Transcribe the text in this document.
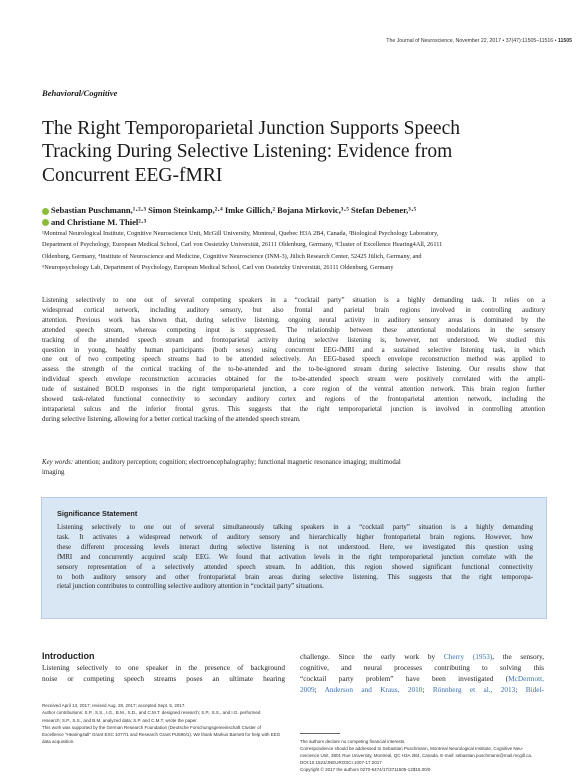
The Journal of Neuroscience, November 22, 2017 • 37(47):11505–11516 • 11505
Behavioral/Cognitive
The Right Temporoparietal Junction Supports Speech
Tracking During Selective Listening: Evidence from
Concurrent EEG-fMRI
Sebastian Puschmann,¹·²·³ Simon Steinkamp,²·⁴ Imke Gillich,² Bojana Mirkovic,³·⁵ Stefan Debener,³·⁵
and Christiane M. Thiel²·³
¹Montreal Neurological Institute, Cognitive Neuroscience Unit, McGill University, Montreal, Quebec H3A 2B4, Canada, ²Biological Psychology Laboratory,
Department of Psychology, European Medical School, Carl von Ossietzky Universität, 26111 Oldenburg, Germany, ³Cluster of Excellence Hearing4All, 26111
Oldenburg, Germany, ⁴Institute of Neuroscience and Medicine, Cognitive Neuroscience (INM-3), Jülich Research Center, 52425 Jülich, Germany, and
⁵Neuropsychology Lab, Department of Psychology, European Medical School, Carl von Ossietzky Universität, 26111 Oldenburg, Germany
Listening selectively to one out of several competing speakers in a “cocktail party” situation is a highly demanding task. It relies on a
widespread cortical network, including auditory sensory, but also frontal and parietal brain regions involved in controlling auditory
attention. Previous work has shown that, during selective listening, ongoing neural activity in auditory sensory areas is dominated by the
attended speech stream, whereas competing input is suppressed. The relationship between these attentional modulations in the sensory
tracking of the attended speech stream and frontoparietal activity during selective listening is, however, not understood. We studied this
question in young, healthy human participants (both sexes) using concurrent EEG-fMRI and a sustained selective listening task, in which
one out of two competing speech streams had to be attended selectively. An EEG-based speech envelope reconstruction method was applied to
assess the strength of the cortical tracking of the to-be-attended and the to-be-ignored stream during selective listening. Our results show that
individual speech envelope reconstruction accuracies obtained for the to-be-attended speech stream were positively correlated with the ampli-
tude of sustained BOLD responses in the right temporoparietal junction, a core region of the ventral attention network. This brain region further
showed task-related functional connectivity to secondary auditory cortex and regions of the frontoparietal attention network, including the
intraparietal sulcus and the inferior frontal gyrus. This suggests that the right temporoparietal junction is involved in controlling attention
during selective listening, allowing for a better cortical tracking of the attended speech stream.
Key words: attention; auditory perception; cognition; electroencephalography; functional magnetic resonance imaging; multimodal
imaging
Significance Statement
Listening selectively to one out of several simultaneously talking speakers in a “cocktail party” situation is a highly demanding
task. It activates a widespread network of auditory sensory and hierarchically higher frontoparietal brain regions. However, how
these different processing levels interact during selective listening is not understood. Here, we investigated this question using
fMRI and concurrently acquired scalp EEG. We found that activation levels in the right temporoparietal junction correlate with the
sensory representation of a selectively attended speech stream. In addition, this region showed significant functional connectivity
to both auditory sensory and other frontoparietal brain areas during selective listening. This suggests that the right temporopa-
rietal junction contributes to controlling selective auditory attention in “cocktail party” situations.
Introduction
Listening selectively to one speaker in the presence of background
noise or competing speech streams poses an ultimate hearing
challenge. Since the early work by Cherry (1953), the sensory,
cognitive, and neural processes contributing to solving this
“cocktail party problem” have been investigated (McDermott,
2009; Anderson and Kraus, 2010; Rönnberg et al., 2013; Bidel-
Received April 13, 2017; revised Aug. 28, 2017; accepted Sept. 5, 2017.
Author contributions: S.P., S.S., I.G., B.M., S.D., and C.M.T. designed research; S.P., S.S., and I.G. performed
research; S.P., S.S., and B.M. analyzed data; S.P. and C.M.T. wrote the paper.
This work was supported by the German Research Foundation (Deutsche Forschungsgemeinschaft Cluster of
Excellence “Hearing4all” Grant EXC 1077/1 and Research Grant PU590/1). We thank Markus Barnett for help with EEG
data acquisition.	The authors declare no competing financial interests.
Correspondence should be addressed to Sebastian Puschmann, Montreal Neurological Institute, Cognitive Neu-
roscience Unit, 3801 Rue University, Montreal, QC H3A 2B4, Canada. E-mail: sebastian.puschmann@mail.mcgill.ca.
DOI:10.1523/JNEUROSCI.1007-17.2017
Copyright © 2017 the authors 0270-6474/17/3711505-12$15.00/0
